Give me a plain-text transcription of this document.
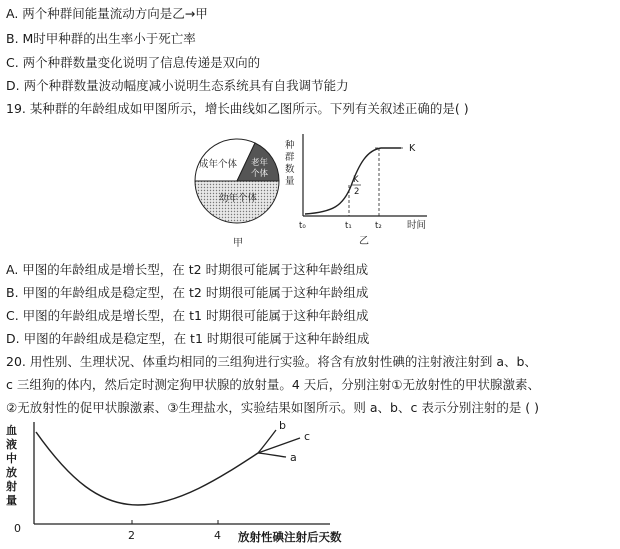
A. 两个种群间能量流动方向是乙→甲
B. M时甲种群的出生率小于死亡率
C. 两个种群数量变化说明了信息传递是双向的
D. 两个种群数量波动幅度减小说明生态系统具有自我调节能力
19. 某种群的年龄组成如甲图所示，增长曲线如乙图所示。下列有关叙述正确的是( )
成年个体 老年
个体
幼年个体
甲
种
群
数
量
K
K
2
t₀	t₁	t₂	时间
乙
A. 甲图的年龄组成是增长型，在 t2 时期很可能属于这种年龄组成
B. 甲图的年龄组成是稳定型，在 t2 时期很可能属于这种年龄组成
C. 甲图的年龄组成是增长型，在 t1 时期很可能属于这种年龄组成
D. 甲图的年龄组成是稳定型，在 t1 时期很可能属于这种年龄组成
20. 用性别、生理状况、体重均相同的三组狗进行实验。将含有放射性碘的注射液注射到 a、b、
c 三组狗的体内，然后定时测定狗甲状腺的放射量。4 天后，分别注射①无放射性的甲状腺激素、
②无放射性的促甲状腺激素、③生理盐水，实验结果如图所示。则 a、b、c 表示分别注射的是 ( )
血
液
中
放
射
量
b
c
a
0
2	4 放射性碘注射后天数
